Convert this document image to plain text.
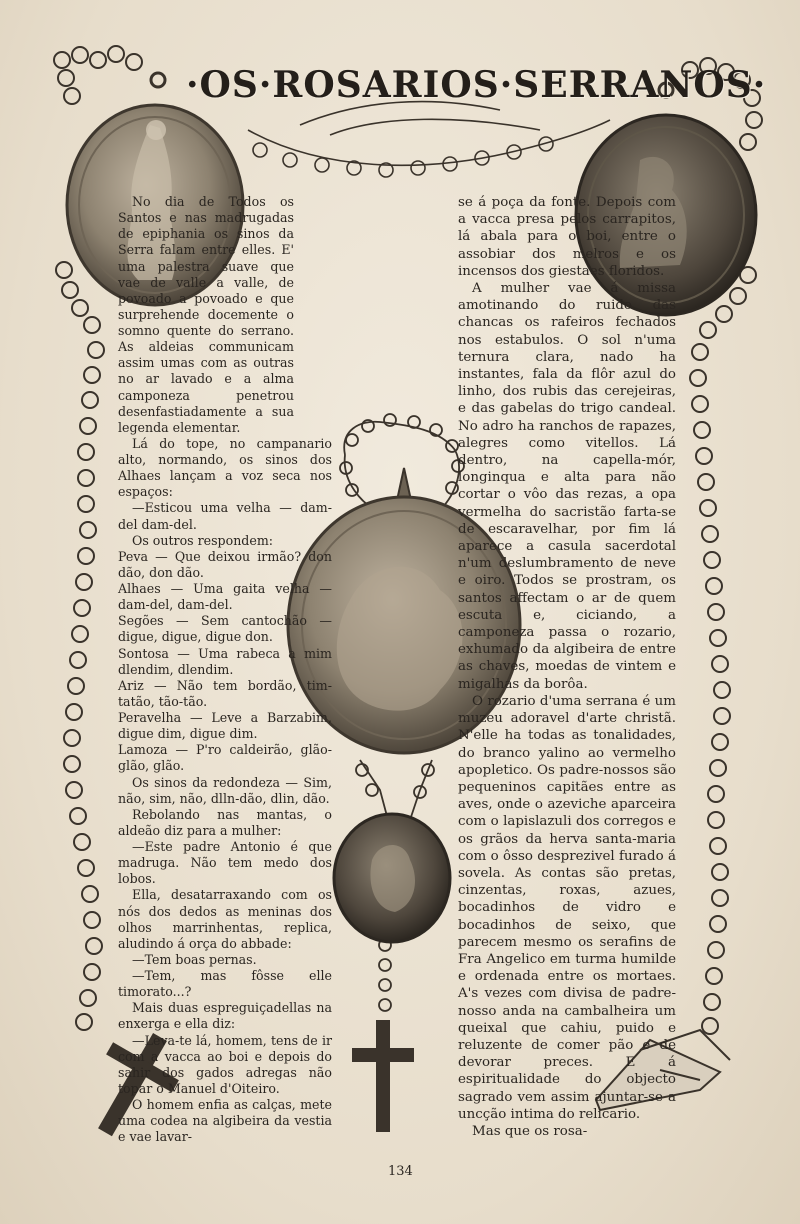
·OS·ROSARIOS·SERRANOS·

No dia de Todos os Santos e nas madrugadas de epiphania os sinos da Serra falam entre elles. E' uma palestra suave que vae de valle a valle, de povoado a povoado e que surprehende docemente o somno quente do serrano. As aldeias communicam assim umas com as outras no ar lavado e a alma camponeza penetrou desenfastiadamente a sua legenda elementar.

Lá do tope, no campanario alto, normando, os sinos dos Alhaes lançam a voz seca nos espaços:

—Esticou uma velha — dam-del dam-del.

Os outros respondem:

Peva — Que deixou irmão? don dão, don dão.

Alhaes — Uma gaita velha — dam-del, dam-del.

Segões — Sem cantochão — digue, digue, digue don.

Sontosa — Uma rabeca a mim dlendim, dlendim.

Ariz — Não tem bordão, tim-tatão, tão-tão.

Peravelha — Leve a Barzabim, digue dim, digue dim.

Lamoza — P'ro caldeirão, glão-glão, glão.

Os sinos da redondeza — Sim, não, sim, não, dlln-dão, dlin, dão.

Rebolando nas mantas, o aldeão diz para a mulher:

—Este padre Antonio é que madruga. Não tem medo dos lobos.

Ella, desatarraxando com os nós dos dedos as meninas dos olhos marrinhentas, replica, aludindo á orça do abbade:

—Tem boas pernas.

—Tem, mas fôsse elle timorato...?

Mais duas espreguiçadellas na enxerga e ella diz:

—Leva-te lá, homem, tens de ir com a vacca ao boi e depois do sahir dos gados adregas não topar o Manuel d'Oiteiro.

O homem enfia as calças, mete uma codea na algibeira da vestia e vae lavar-

se á poça da fonte. Depois com a vacca presa pelos carrapitos, lá abala para o boi, entre o assobiar dos melros e os incensos dos giestaes floridos.

A mulher vae á missa amotinando do ruido das chancas os rafeiros fechados nos estabulos. O sol n'uma ternura clara, nado ha instantes, fala da flôr azul do linho, dos rubis das cerejeiras, e das gabelas do trigo candeal. No adro ha ranchos de rapazes, alegres como vitellos. Lá dentro, na capella-mór, longinqua e alta para não cortar o vôo das rezas, a opa vermelha do sacristão farta-se de escaravelhar, por fim lá aparece a casula sacerdotal n'um deslumbramento de neve e oiro. Todos se prostram, os santos affectam o ar de quem escuta e, ciciando, a camponeza passa o rozario, exhumado da algibeira de entre as chaves, moedas de vintem e migalhas da borôa.

O rozario d'uma serrana é um muzeu adoravel d'arte christã. N'elle ha todas as tonalidades, do branco yalino ao vermelho apopletico. Os padre-nossos são pequeninos capitães entre as aves, onde o azeviche aparceira com o lapislazuli dos corregos e os grãos da herva santa-maria com o ôsso desprezivel furado á sovela. As contas são pretas, cinzentas, roxas, azues, bocadinhos de vidro e bocadinhos de seixo, que parecem mesmo os serafins de Fra Angelico em turma humilde e ordenada entre os mortaes. A's vezes com divisa de padre-nosso anda na cambalheira um queixal que cahiu, puido e reluzente de comer pão e de devorar preces. E á espiritualidade do objecto sagrado vem assim ajuntar-se a uncção intima do relicario.

Mas que os rosa-

134
